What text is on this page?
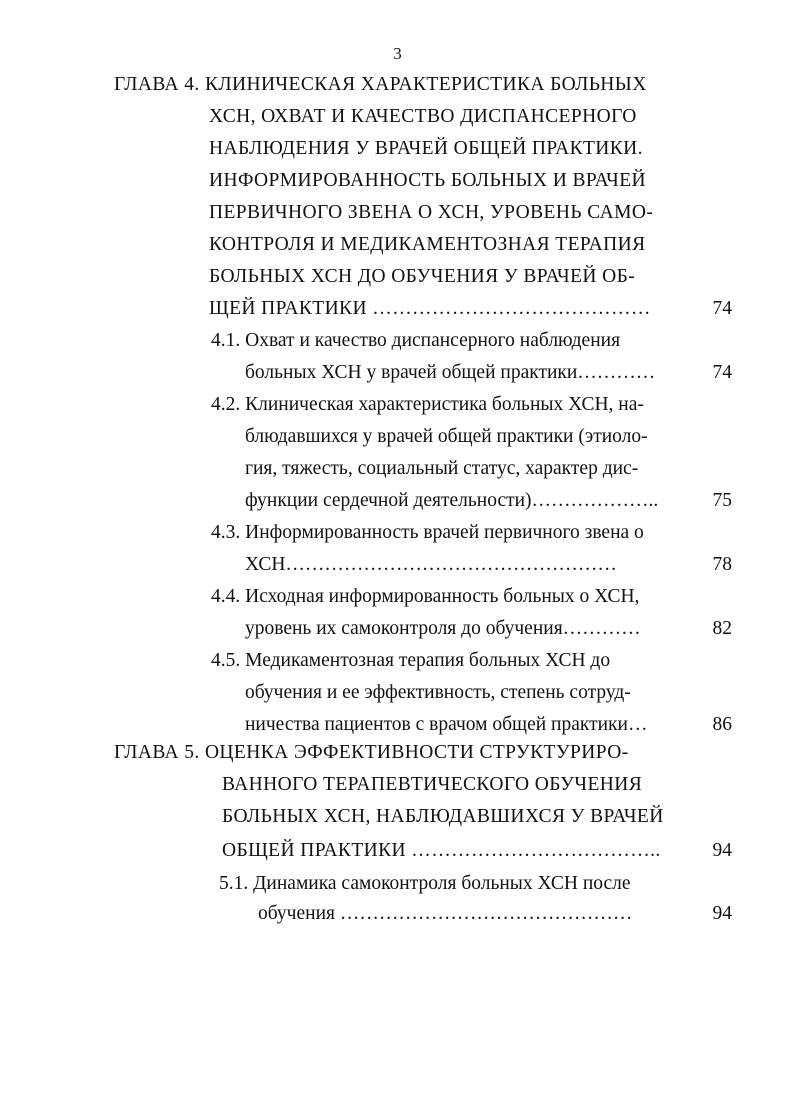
3
ГЛАВА 4. КЛИНИЧЕСКАЯ ХАРАКТЕРИСТИКА БОЛЬНЫХ
ХСН, ОХВАТ И КАЧЕСТВО ДИСПАНСЕРНОГО
НАБЛЮДЕНИЯ У ВРАЧЕЙ ОБЩЕЙ ПРАКТИКИ.
ИНФОРМИРОВАННОСТЬ БОЛЬНЫХ И ВРАЧЕЙ
ПЕРВИЧНОГО ЗВЕНА О ХСН, УРОВЕНЬ САМО-
КОНТРОЛЯ И МЕДИКАМЕНТОЗНАЯ ТЕРАПИЯ
БОЛЬНЫХ ХСН ДО ОБУЧЕНИЯ У ВРАЧЕЙ ОБ-
ЩЕЙ ПРАКТИКИ ……………………………………	74
4.1. Охват и качество диспансерного наблюдения
больных ХСН у врачей общей практики…………	74
4.2. Клиническая характеристика больных ХСН, на-
блюдавшихся у врачей общей практики (этиоло-
гия, тяжесть, социальный статус, характер дис-
функции сердечной деятельности)………………..	75
4.3. Информированность врачей первичного звена о
ХСН……………………………………………	78
4.4. Исходная информированность больных о ХСН,
уровень их самоконтроля до обучения…………	82
4.5. Медикаментозная терапия больных ХСН до
обучения и ее эффективность, степень сотруд-
ничества пациентов с врачом общей практики…	86
ГЛАВА 5. ОЦЕНКА ЭФФЕКТИВНОСТИ СТРУКТУРИРО-
ВАННОГО ТЕРАПЕВТИЧЕСКОГО ОБУЧЕНИЯ
БОЛЬНЫХ ХСН, НАБЛЮДАВШИХСЯ У ВРАЧЕЙ
ОБЩЕЙ ПРАКТИКИ ………………………………..	94
5.1. Динамика самоконтроля больных ХСН после
обучения ………………………………………	94
